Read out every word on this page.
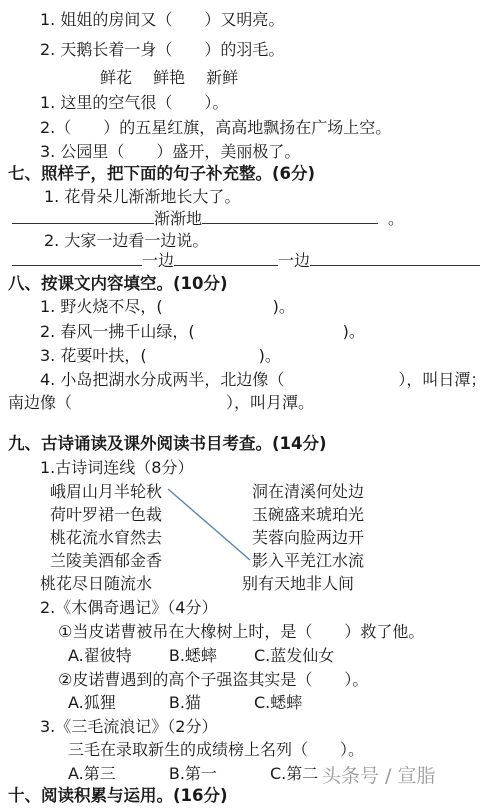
1. 姐姐的房间又（　　）又明亮。
2. 天鹅长着一身（　　）的羽毛。
鲜花　 鲜艳　 新鲜
1. 这里的空气很（　　）。
2.（　　）的五星红旗，高高地飘扬在广场上空。
3. 公园里（　　）盛开，美丽极了。
七、照样子，把下面的句子补充整。(6分)
1. 花骨朵儿渐渐地长大了。
渐渐地	。
2. 大家一边看一边说。
一边	一边
八、按课文内容填空。(10分)
1. 野火烧不尽，(	)。
2. 春风一拂千山绿，(	)。
3. 花要叶扶，(	)。
4. 小岛把湖水分成两半，北边像（	），叫日潭；
南边像（	），叫月潭。
九、古诗诵读及课外阅读书目考查。(14分)
1.古诗词连线（8分）
峨眉山月半轮秋	洞在清溪何处边
荷叶罗裙一色裁	玉碗盛来琥珀光
桃花流水窅然去	芙蓉向脸两边开
兰陵美酒郁金香	影入平羌江水流
桃花尽日随流水	别有天地非人间
2.《木偶奇遇记》（4分）
①当皮诺曹被吊在大橡树上时，是（　　）救了他。
A.翟彼特　　 B.蟋蟀　　 C.蓝发仙女
②皮诺曹遇到的高个子强盗其实是（　　）。
A.狐狸　　　 B.猫　　　 C.蟋蟀
3.《三毛流浪记》（2分）
三毛在录取新生的成绩榜上名列（　　）。
A.第三　　　 B.第一　　　 C.第二
十、阅读积累与运用。(16分)
头条号 / 宣脂
